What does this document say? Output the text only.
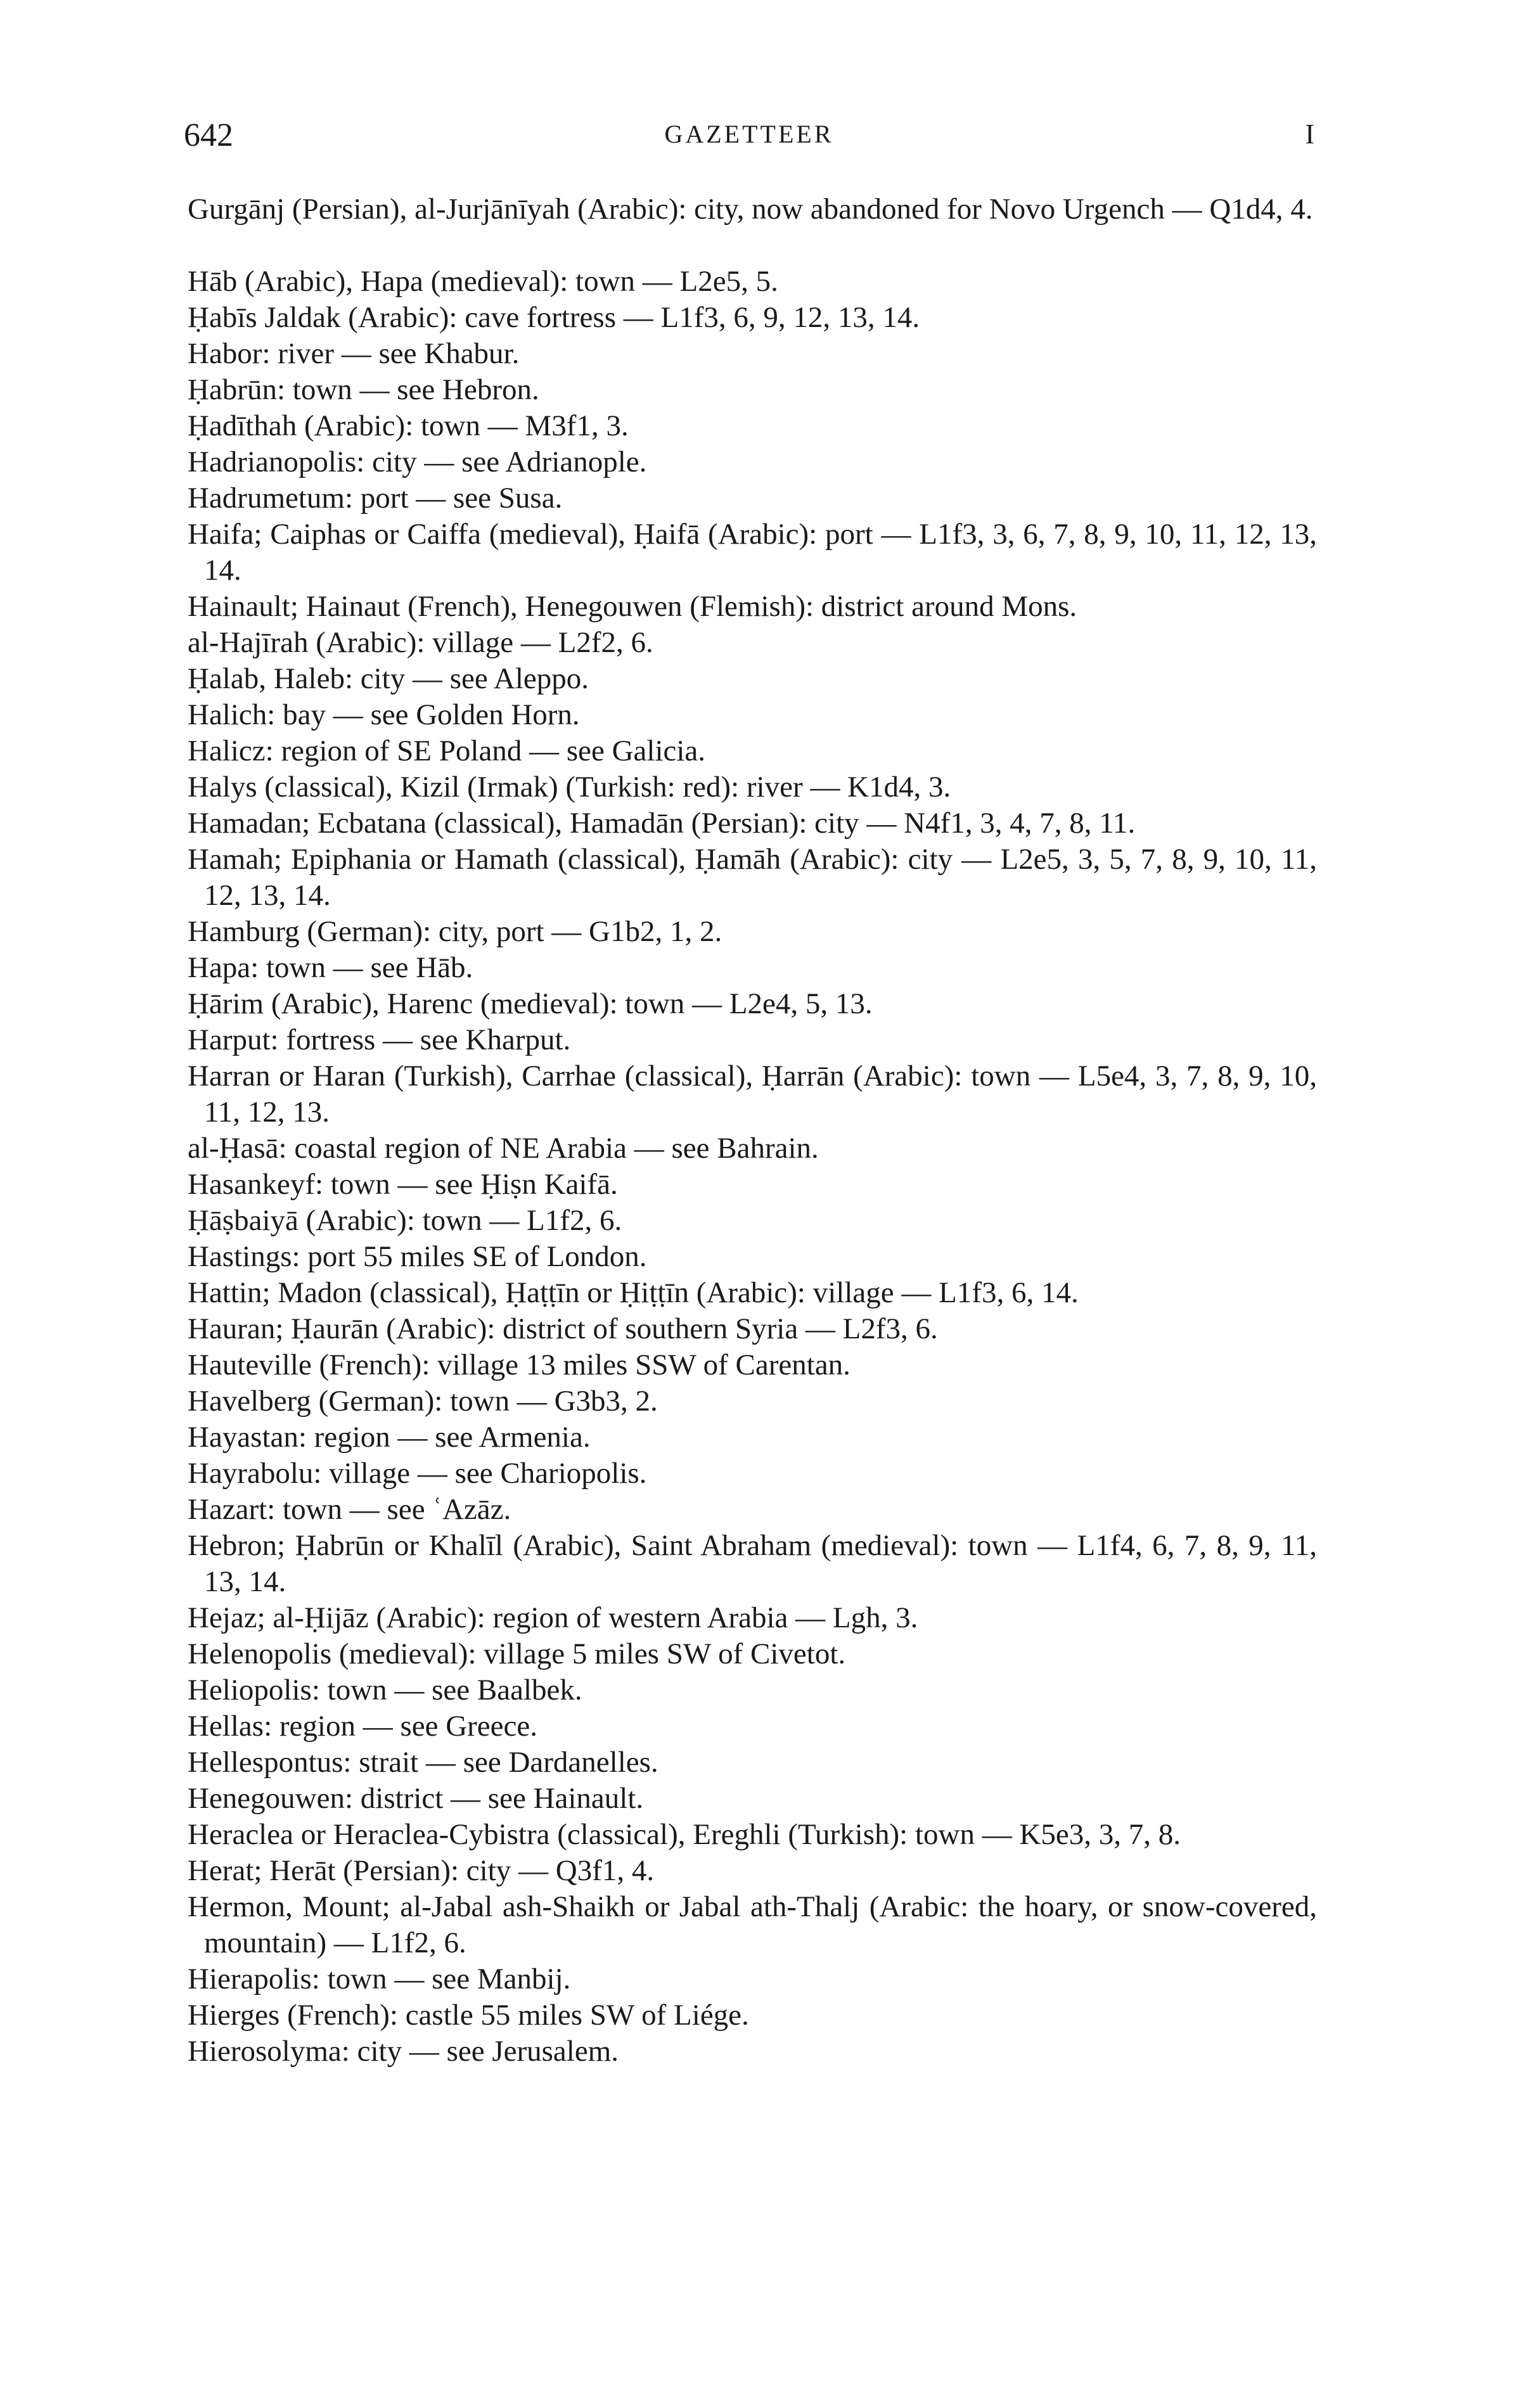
642	GAZETTEER	I

Gurgānj (Persian), al-Jurjānīyah (Arabic): city, now abandoned for Novo Urgench — Q1d4, 4.

Hāb (Arabic), Hapa (medieval): town — L2e5, 5.

Ḥabīs Jaldak (Arabic): cave fortress — L1f3, 6, 9, 12, 13, 14.

Habor: river — see Khabur.

Ḥabrūn: town — see Hebron.

Ḥadīthah (Arabic): town — M3f1, 3.

Hadrianopolis: city — see Adrianople.

Hadrumetum: port — see Susa.

Haifa; Caiphas or Caiffa (medieval), Ḥaifā (Arabic): port — L1f3, 3, 6, 7, 8, 9, 10, 11, 12, 13, 14.

Hainault; Hainaut (French), Henegouwen (Flemish): district around Mons.

al-Hajīrah (Arabic): village — L2f2, 6.

Ḥalab, Haleb: city — see Aleppo.

Halich: bay — see Golden Horn.

Halicz: region of SE Poland — see Galicia.

Halys (classical), Kizil (Irmak) (Turkish: red): river — K1d4, 3.

Hamadan; Ecbatana (classical), Hamadān (Persian): city — N4f1, 3, 4, 7, 8, 11.

Hamah; Epiphania or Hamath (classical), Ḥamāh (Arabic): city — L2e5, 3, 5, 7, 8, 9, 10, 11, 12, 13, 14.

Hamburg (German): city, port — G1b2, 1, 2.

Hapa: town — see Hāb.

Ḥārim (Arabic), Harenc (medieval): town — L2e4, 5, 13.

Harput: fortress — see Kharput.

Harran or Haran (Turkish), Carrhae (classical), Ḥarrān (Arabic): town — L5e4, 3, 7, 8, 9, 10, 11, 12, 13.

al-Ḥasā: coastal region of NE Arabia — see Bahrain.

Hasankeyf: town — see Ḥiṣn Kaifā.

Ḥāṣbaiyā (Arabic): town — L1f2, 6.

Hastings: port 55 miles SE of London.

Hattin; Madon (classical), Ḥaṭṭīn or Ḥiṭṭīn (Arabic): village — L1f3, 6, 14.

Hauran; Ḥaurān (Arabic): district of southern Syria — L2f3, 6.

Hauteville (French): village 13 miles SSW of Carentan.

Havelberg (German): town — G3b3, 2.

Hayastan: region — see Armenia.

Hayrabolu: village — see Chariopolis.

Hazart: town — see ʿAzāz.

Hebron; Ḥabrūn or Khalīl (Arabic), Saint Abraham (medieval): town — L1f4, 6, 7, 8, 9, 11, 13, 14.

Hejaz; al-Ḥijāz (Arabic): region of western Arabia — Lgh, 3.

Helenopolis (medieval): village 5 miles SW of Civetot.

Heliopolis: town — see Baalbek.

Hellas: region — see Greece.

Hellespontus: strait — see Dardanelles.

Henegouwen: district — see Hainault.

Heraclea or Heraclea-Cybistra (classical), Ereghli (Turkish): town — K5e3, 3, 7, 8.

Herat; Herāt (Persian): city — Q3f1, 4.

Hermon, Mount; al-Jabal ash-Shaikh or Jabal ath-Thalj (Arabic: the hoary, or snow-covered, mountain) — L1f2, 6.

Hierapolis: town — see Manbij.

Hierges (French): castle 55 miles SW of Liége.

Hierosolyma: city — see Jerusalem.
